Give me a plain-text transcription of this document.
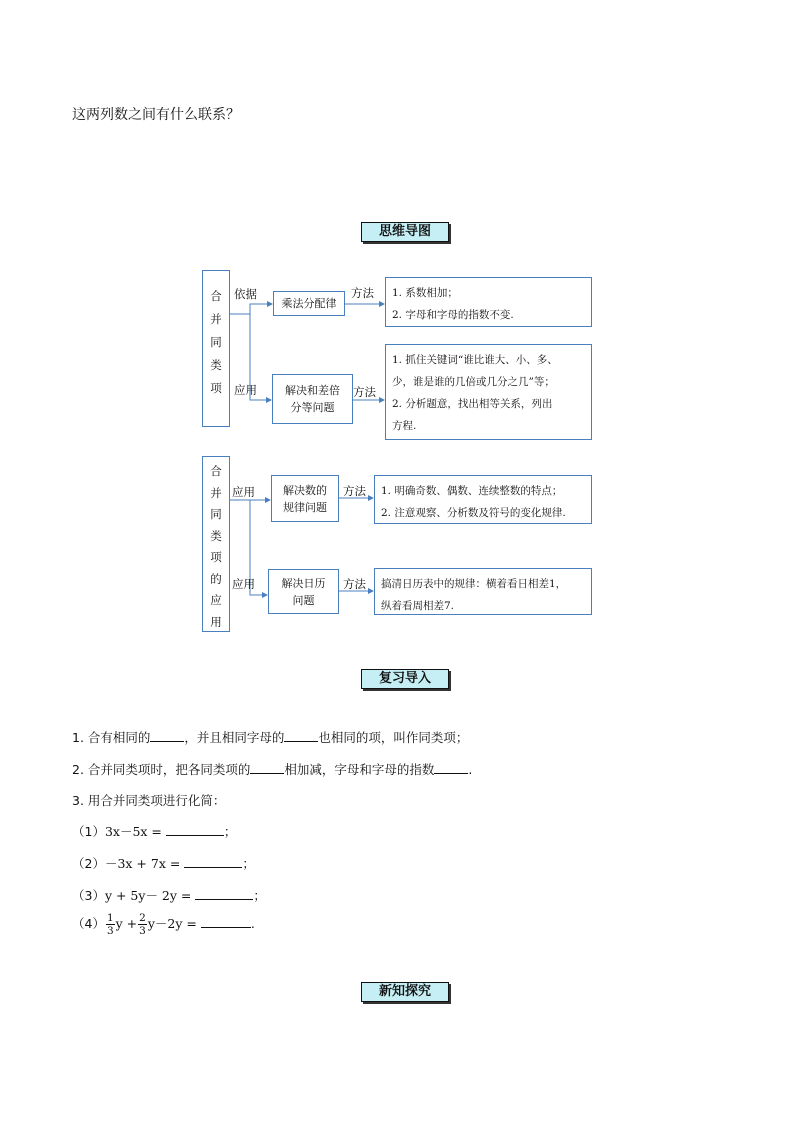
这两列数之间有什么联系？
思维导图
合
并
同
类
项
依据
应用
乘法分配律
解决和差倍
分等问题
方法
方法
1. 系数相加；
2. 字母和字母的指数不变.
1. 抓住关键词“谁比谁大、小、多、
少，谁是谁的几倍或几分之几”等；
2. 分析题意，找出相等关系，列出
方程.
合
并
同
类
项
的
应
用
应用
应用
解决数的
规律问题
解决日历
问题
方法
方法
1. 明确奇数、偶数、连续整数的特点；
2. 注意观察、分析数及符号的变化规律.
搞清日历表中的规律：横着看日相差1，
纵着看周相差7.
复习导入
1. 合有相同的	，并且相同字母的	也相同的项，叫作同类项；
2. 合并同类项时，把各同类项的	相加减，字母和字母的指数	.
3. 用合并同类项进行化简：
（1）3x－5x =	；
（2）－3x + 7x =	；
（3）y + 5y－ 2y =	；
$(4) \frac{1}{3}$ $y + \frac{2}{3} y-2y$ =	.
新知探究
